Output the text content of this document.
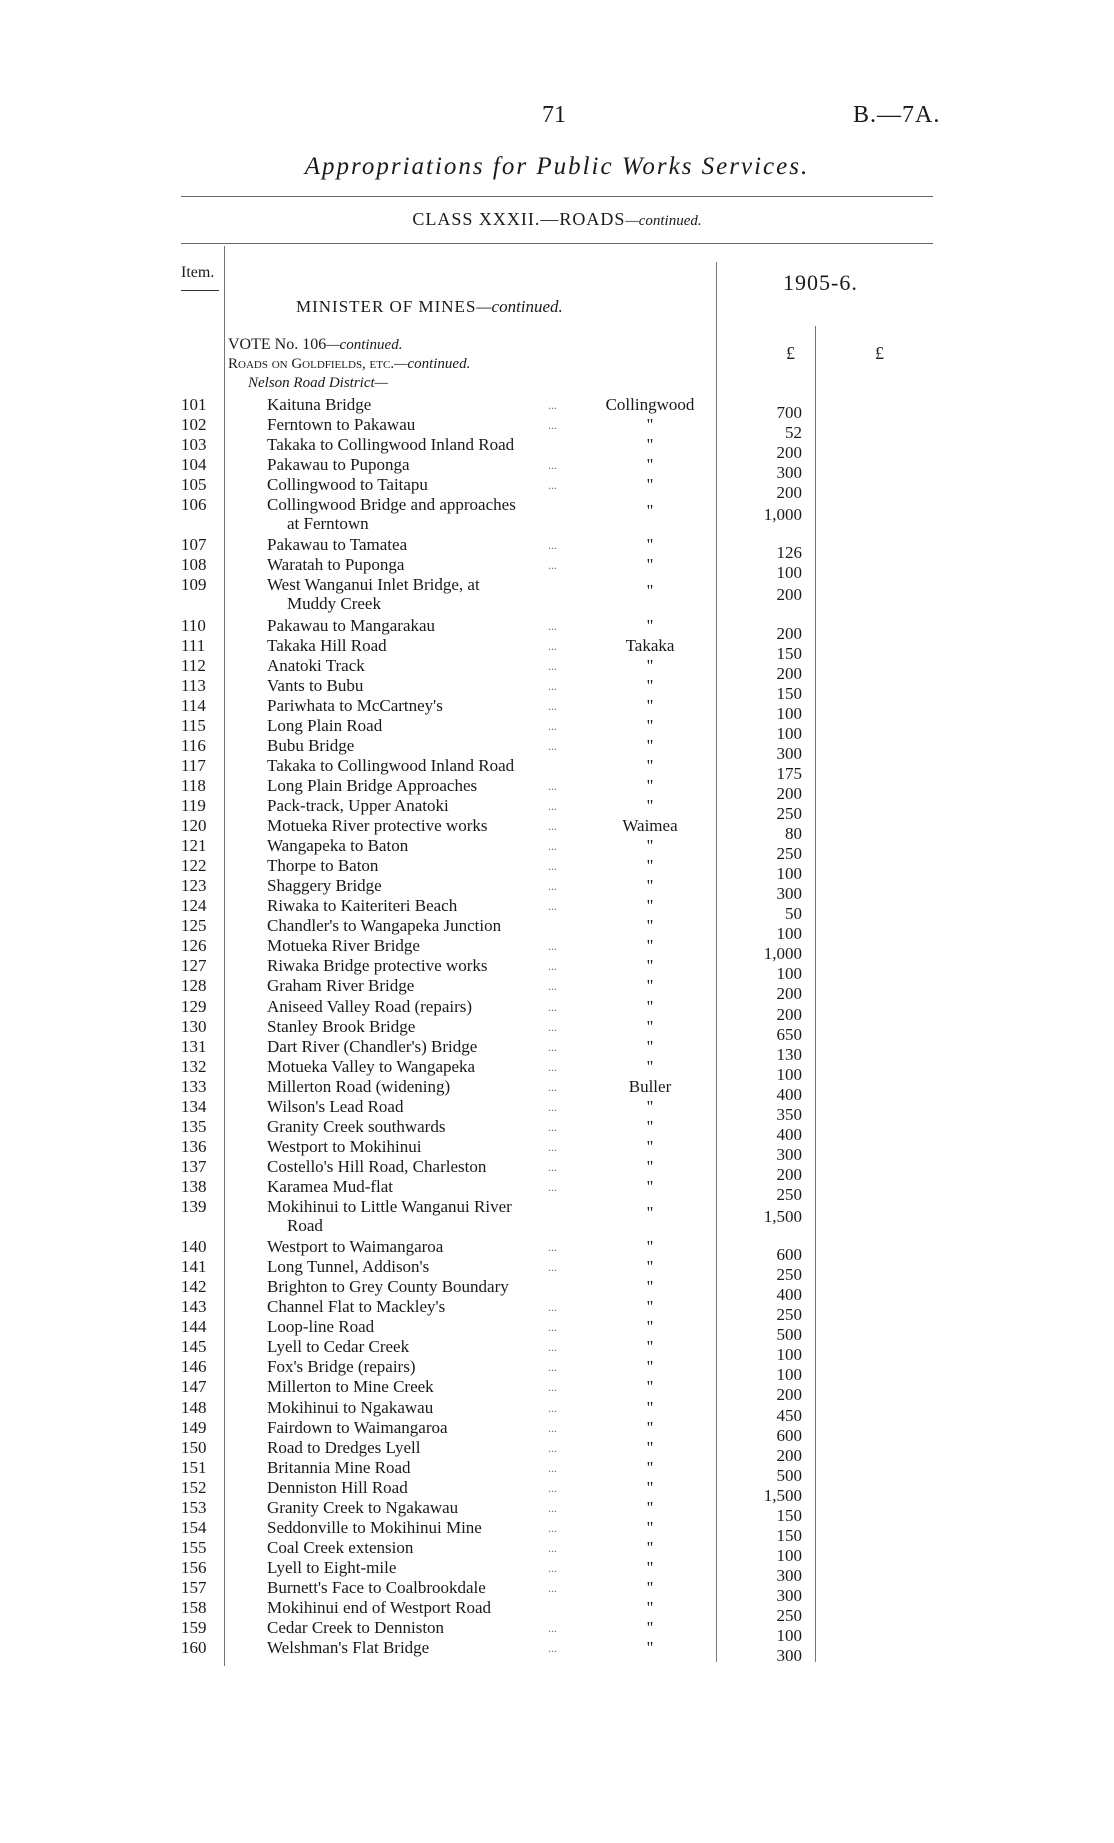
71	B.—7A.
Appropriations for Public Works Services.
CLASS XXXII.—ROADS—continued.
Item.
MINISTER OF MINES—continued.
1905-6.
£	£
VOTE No. 106—continued.
Roads on Goldfields, etc.—continued.
Nelson Road District—
101	Kaituna Bridge	...	Collingwood	700
102	Ferntown to Pakawau	...	"	52
103	Takaka to Collingwood Inland Road	"	200
104	Pakawau to Puponga	...	"	300
105	Collingwood to Taitapu	...	"	200
106	Collingwood Bridge and approaches
at Ferntown
"	1,000
107	Pakawau to Tamatea	...	"	126
108	Waratah to Puponga	...	"	100
109	West Wanganui Inlet Bridge, at
Muddy Creek
"	200
110	Pakawau to Mangarakau	...	"	200
111	Takaka Hill Road	...	Takaka	150
112	Anatoki Track	...	"	200
113	Vants to Bubu	...	"	150
114	Pariwhata to McCartney's	...	"	100
115	Long Plain Road	...	"	100
116	Bubu Bridge	...	"	300
117	Takaka to Collingwood Inland Road	"	175
118	Long Plain Bridge Approaches	...	"	200
119	Pack-track, Upper Anatoki	...	"	250
120	Motueka River protective works	...	Waimea	80
121	Wangapeka to Baton	...	"	250
122	Thorpe to Baton	...	"	100
123	Shaggery Bridge	...	"	300
124	Riwaka to Kaiteriteri Beach	...	"	50
125	Chandler's to Wangapeka Junction	"	100
126	Motueka River Bridge	...	"	1,000
127	Riwaka Bridge protective works	...	"	100
128	Graham River Bridge	...	"	200
129	Aniseed Valley Road (repairs)	...	"	200
130	Stanley Brook Bridge	...	"	650
131	Dart River (Chandler's) Bridge	...	"	130
132	Motueka Valley to Wangapeka	...	"	100
133	Millerton Road (widening)	...	Buller	400
134	Wilson's Lead Road	...	"	350
135	Granity Creek southwards	...	"	400
136	Westport to Mokihinui	...	"	300
137	Costello's Hill Road, Charleston	...	"	200
138	Karamea Mud-flat	...	"	250
139	Mokihinui to Little Wanganui River
Road
"	1,500
140	Westport to Waimangaroa	...	"	600
141	Long Tunnel, Addison's	...	"	250
142	Brighton to Grey County Boundary	"	400
143	Channel Flat to Mackley's	...	"	250
144	Loop-line Road	...	"	500
145	Lyell to Cedar Creek	...	"	100
146	Fox's Bridge (repairs)	...	"	100
147	Millerton to Mine Creek	...	"	200
148	Mokihinui to Ngakawau	...	"	450
149	Fairdown to Waimangaroa	...	"	600
150	Road to Dredges Lyell	...	"	200
151	Britannia Mine Road	...	"	500
152	Denniston Hill Road	...	"	1,500
153	Granity Creek to Ngakawau	...	"	150
154	Seddonville to Mokihinui Mine	...	"	150
155	Coal Creek extension	...	"	100
156	Lyell to Eight-mile	...	"	300
157	Burnett's Face to Coalbrookdale	...	"	300
158	Mokihinui end of Westport Road	"	250
159	Cedar Creek to Denniston	...	"	100
160	Welshman's Flat Bridge	...	"	300
